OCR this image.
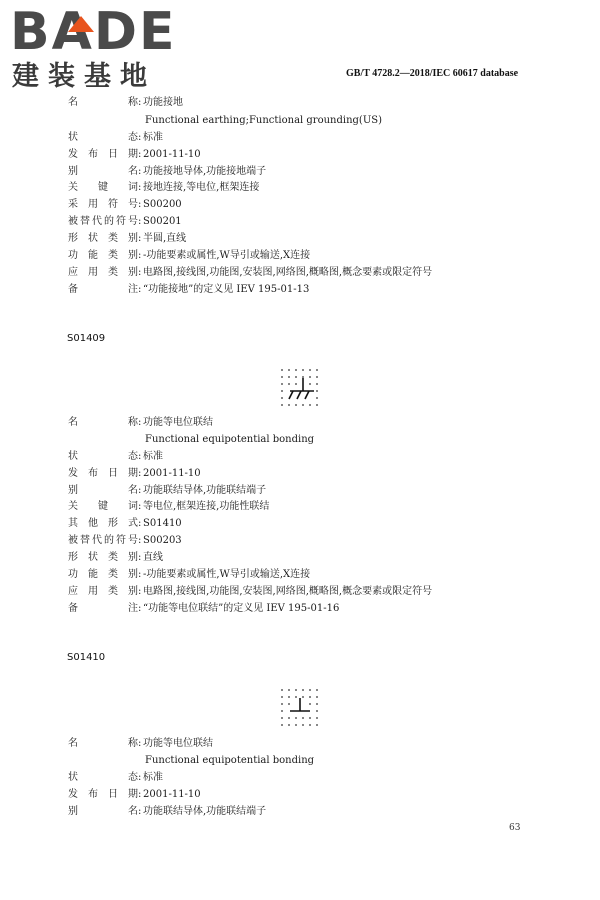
BADE
建装基地	GB/T 4728.2—2018/IEC 60617 database
名称: 功能接地
Functional earthing;Functional grounding(US)
状态: 标准
发布日期: 2001-11-10
别名: 功能接地导体,功能接地端子
关键词: 接地连接,等电位,框架连接
采用符号: S00200
被替代的符号: S00201
形状类别: 半圆,直线
功能类别: -功能要素或属性,W导引或输送,X连接
应用类别: 电路图,接线图,功能图,安装图,网络图,概略图,概念要素或限定符号
备注: “功能接地”的定义见 IEV 195-01-13
S01409
名称: 功能等电位联结
Functional equipotential bonding
状态: 标准
发布日期: 2001-11-10
别名: 功能联结导体,功能联结端子
关键词: 等电位,框架连接,功能性联结
其他形式: S01410
被替代的符号: S00203
形状类别: 直线
功能类别: -功能要素或属性,W导引或输送,X连接
应用类别: 电路图,接线图,功能图,安装图,网络图,概略图,概念要素或限定符号
备注: “功能等电位联结”的定义见 IEV 195-01-16
S01410
名称: 功能等电位联结
Functional equipotential bonding
状态: 标准
发布日期: 2001-11-10
别名: 功能联结导体,功能联结端子
63
